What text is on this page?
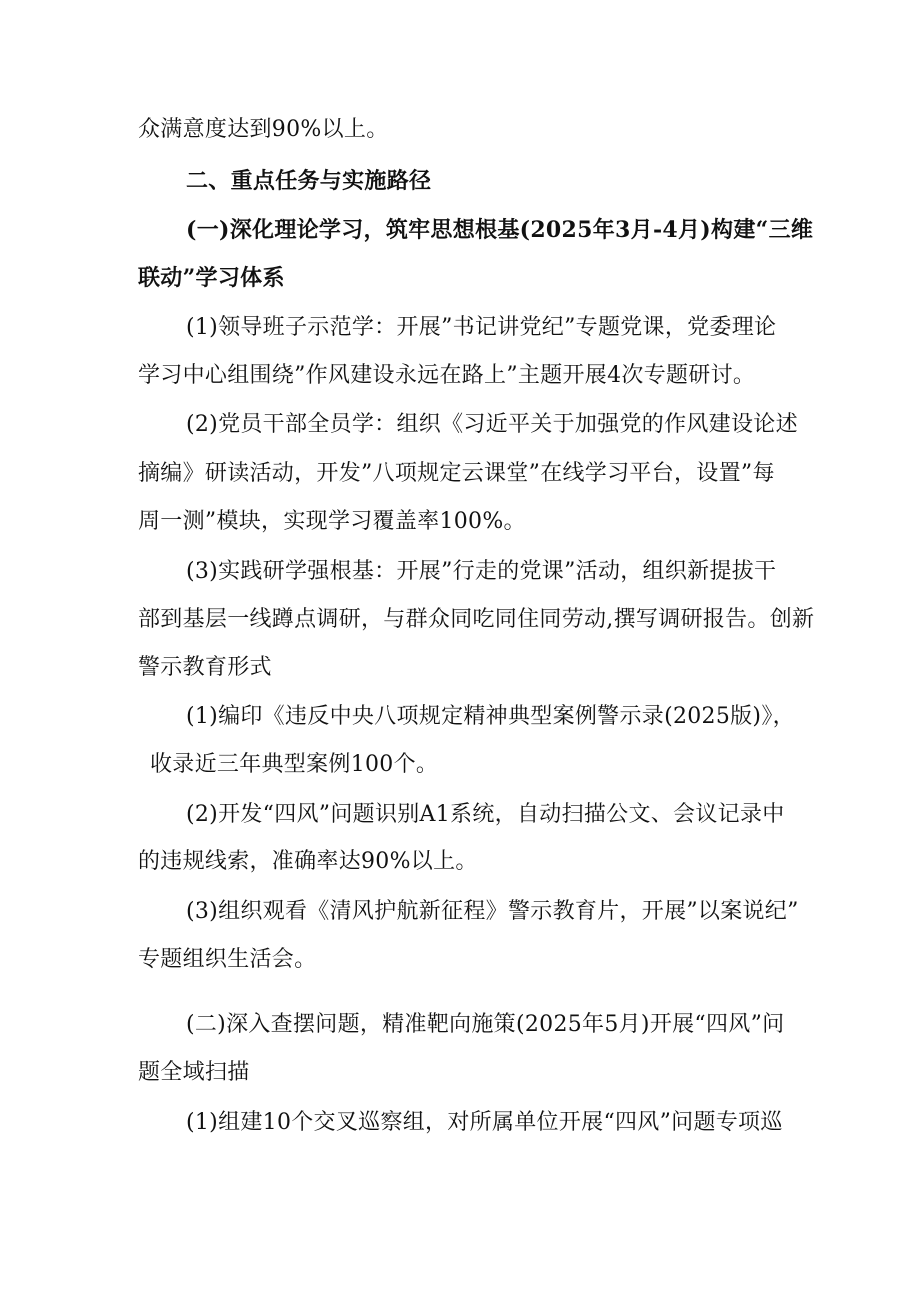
众满意度达到90%以上。
二、重点任务与实施路径
(一)深化理论学习，筑牢思想根基(2025年3月-4月)构建“三维
联动”学习体系
(1)领导班子示范学：开展”书记讲党纪”专题党课，党委理论
学习中心组围绕”作风建设永远在路上”主题开展4次专题研讨。
(2)党员干部全员学：组织《习近平关于加强党的作风建设论述
摘编》研读活动，开发”八项规定云课堂”在线学习平台，设置”每
周一测”模块，实现学习覆盖率100%。
(3)实践研学强根基：开展”行走的党课”活动，组织新提拔干
部到基层一线蹲点调研，与群众同吃同住同劳动,撰写调研报告。创新
警示教育形式
(1)编印《违反中央八项规定精神典型案例警示录(2025版)》，
收录近三年典型案例100个。
(2)开发“四风”问题识别A1系统，自动扫描公文、会议记录中
的违规线索，准确率达90%以上。
(3)组织观看《清风护航新征程》警示教育片，开展”以案说纪”
专题组织生活会。
(二)深入查摆问题，精准靶向施策(2025年5月)开展“四风”问
题全域扫描
(1)组建10个交叉巡察组，对所属单位开展“四风”问题专项巡
